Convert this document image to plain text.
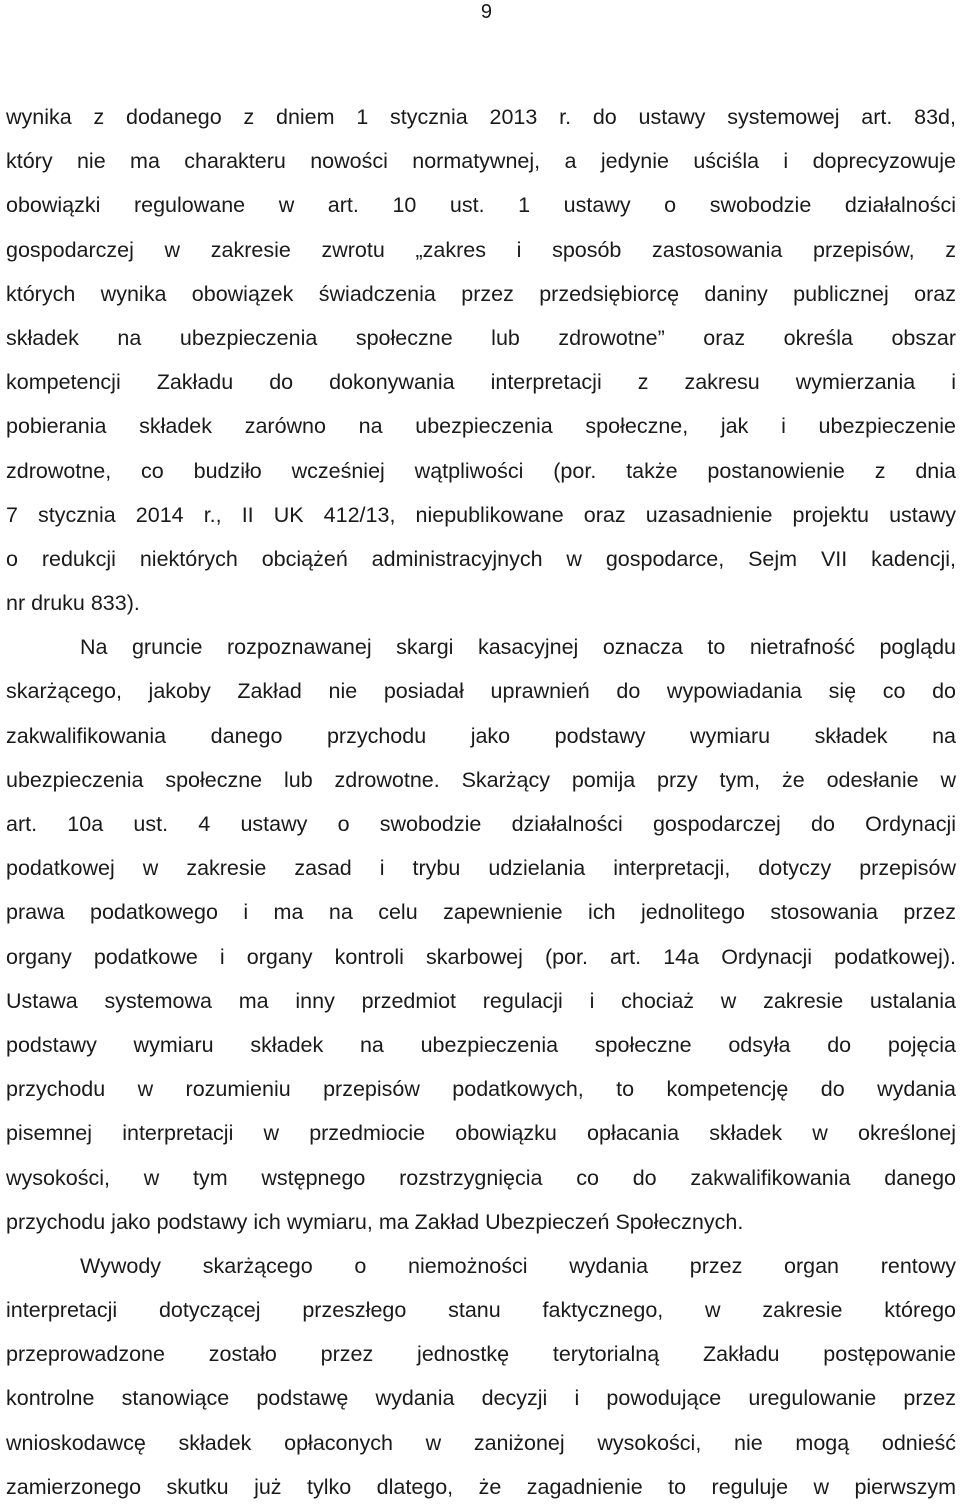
9
wynika z dodanego z dniem 1 stycznia 2013 r. do ustawy systemowej art. 83d,
który nie ma charakteru nowości normatywnej, a jedynie uściśla i doprecyzowuje
obowiązki regulowane w art. 10 ust. 1 ustawy o swobodzie działalności
gospodarczej w zakresie zwrotu „zakres i sposób zastosowania przepisów, z
których wynika obowiązek świadczenia przez przedsiębiorcę daniny publicznej oraz
składek na ubezpieczenia społeczne lub zdrowotne” oraz określa obszar
kompetencji Zakładu do dokonywania interpretacji z zakresu wymierzania i
pobierania składek zarówno na ubezpieczenia społeczne, jak i ubezpieczenie
zdrowotne, co budziło wcześniej wątpliwości (por. także postanowienie z dnia
7 stycznia 2014 r., II UK 412/13, niepublikowane oraz uzasadnienie projektu ustawy
o redukcji niektórych obciążeń administracyjnych w gospodarce, Sejm VII kadencji,
nr druku 833).
Na gruncie rozpoznawanej skargi kasacyjnej oznacza to nietrafność poglądu
skarżącego, jakoby Zakład nie posiadał uprawnień do wypowiadania się co do
zakwalifikowania danego przychodu jako podstawy wymiaru składek na
ubezpieczenia społeczne lub zdrowotne. Skarżący pomija przy tym, że odesłanie w
art. 10a ust. 4 ustawy o swobodzie działalności gospodarczej do Ordynacji
podatkowej w zakresie zasad i trybu udzielania interpretacji, dotyczy przepisów
prawa podatkowego i ma na celu zapewnienie ich jednolitego stosowania przez
organy podatkowe i organy kontroli skarbowej (por. art. 14a Ordynacji podatkowej).
Ustawa systemowa ma inny przedmiot regulacji i chociaż w zakresie ustalania
podstawy wymiaru składek na ubezpieczenia społeczne odsyła do pojęcia
przychodu w rozumieniu przepisów podatkowych, to kompetencję do wydania
pisemnej interpretacji w przedmiocie obowiązku opłacania składek w określonej
wysokości, w tym wstępnego rozstrzygnięcia co do zakwalifikowania danego
przychodu jako podstawy ich wymiaru, ma Zakład Ubezpieczeń Społecznych.
Wywody skarżącego o niemożności wydania przez organ rentowy
interpretacji dotyczącej przeszłego stanu faktycznego, w zakresie którego
przeprowadzone zostało przez jednostkę terytorialną Zakładu postępowanie
kontrolne stanowiące podstawę wydania decyzji i powodujące uregulowanie przez
wnioskodawcę składek opłaconych w zaniżonej wysokości, nie mogą odnieść
zamierzonego skutku już tylko dlatego, że zagadnienie to reguluje w pierwszym
